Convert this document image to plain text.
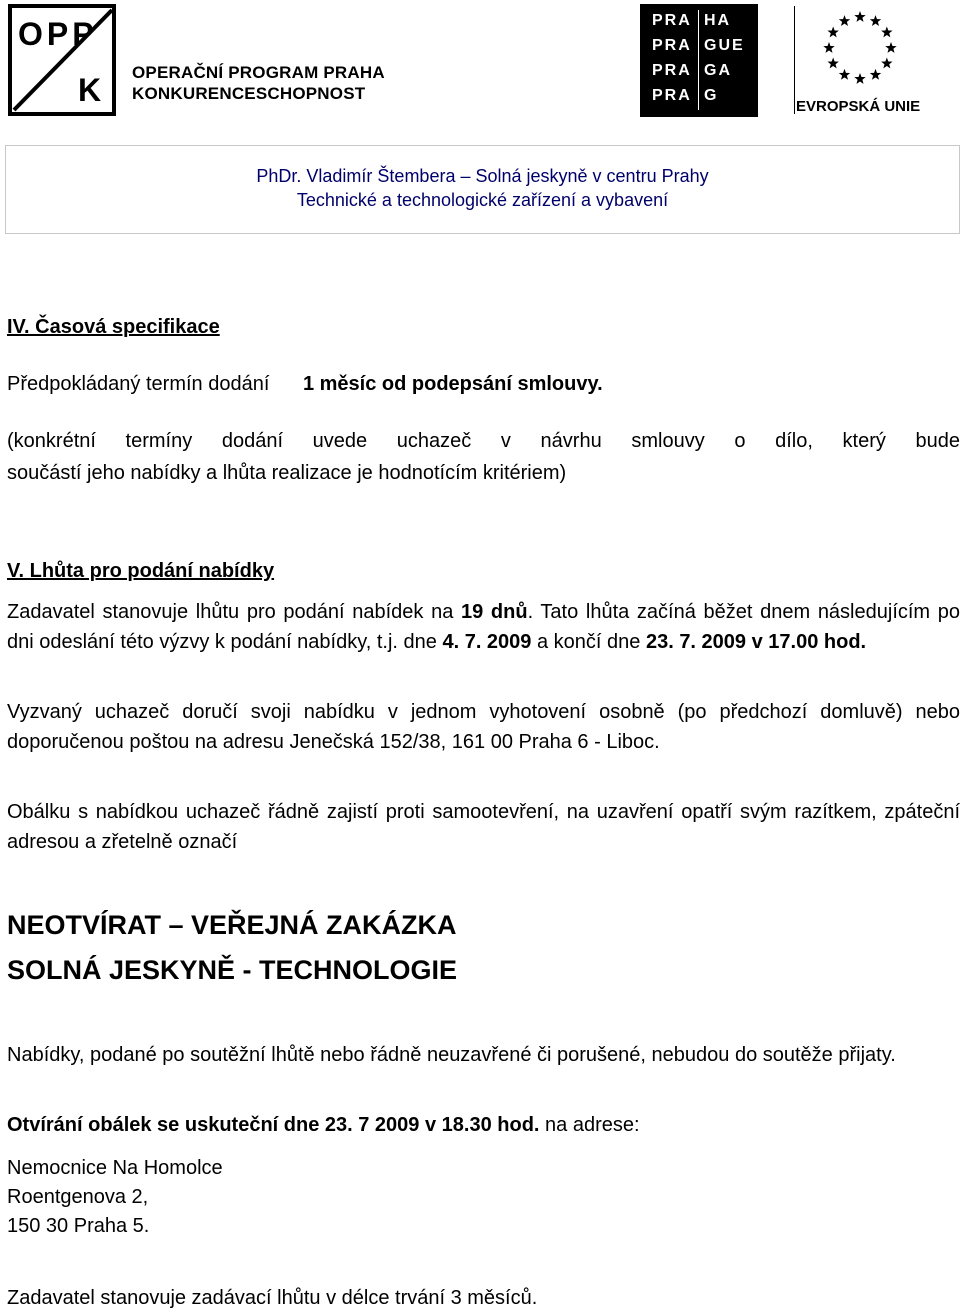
OPP
K OPERAČNÍ PROGRAM PRAHA
KONKURENCESCHOPNOST
PRA HA
PRA GUE
PRA GA
PRA G
EVROPSKÁ UNIE
PhDr. Vladimír Štembera – Solná jeskyně v centru Prahy
Technické a technologické zařízení a vybavení
IV. Časová specifikace
Předpokládaný termín dodání 1 měsíc od podepsání smlouvy.
(konkrétní termíny dodání uvede uchazeč v návrhu smlouvy o dílo, který bude
součástí jeho nabídky a lhůta realizace je hodnotícím kritériem)
V. Lhůta pro podání nabídky
Zadavatel stanovuje lhůtu pro podání nabídek na 19 dnů. Tato lhůta začíná běžet dnem následujícím po dni odeslání této výzvy k podání nabídky, t.j. dne 4. 7. 2009 a končí dne 23. 7. 2009 v 17.00 hod.
Vyzvaný uchazeč doručí svoji nabídku v jednom vyhotovení osobně (po předchozí domluvě) nebo doporučenou poštou na adresu Jenečská 152/38, 161 00 Praha 6 - Liboc.
Obálku s nabídkou uchazeč řádně zajistí proti samootevření, na uzavření opatří svým razítkem, zpáteční adresou a zřetelně označí
NEOTVÍRAT – VEŘEJNÁ ZAKÁZKA
SOLNÁ JESKYNĚ - TECHNOLOGIE
Nabídky, podané po soutěžní lhůtě nebo řádně neuzavřené či porušené, nebudou do soutěže přijaty.
Otvírání obálek se uskuteční dne 23. 7 2009 v 18.30 hod. na adrese:
Nemocnice Na Homolce
Roentgenova 2,
150 30 Praha 5.
Zadavatel stanovuje zadávací lhůtu v délce trvání 3 měsíců.
